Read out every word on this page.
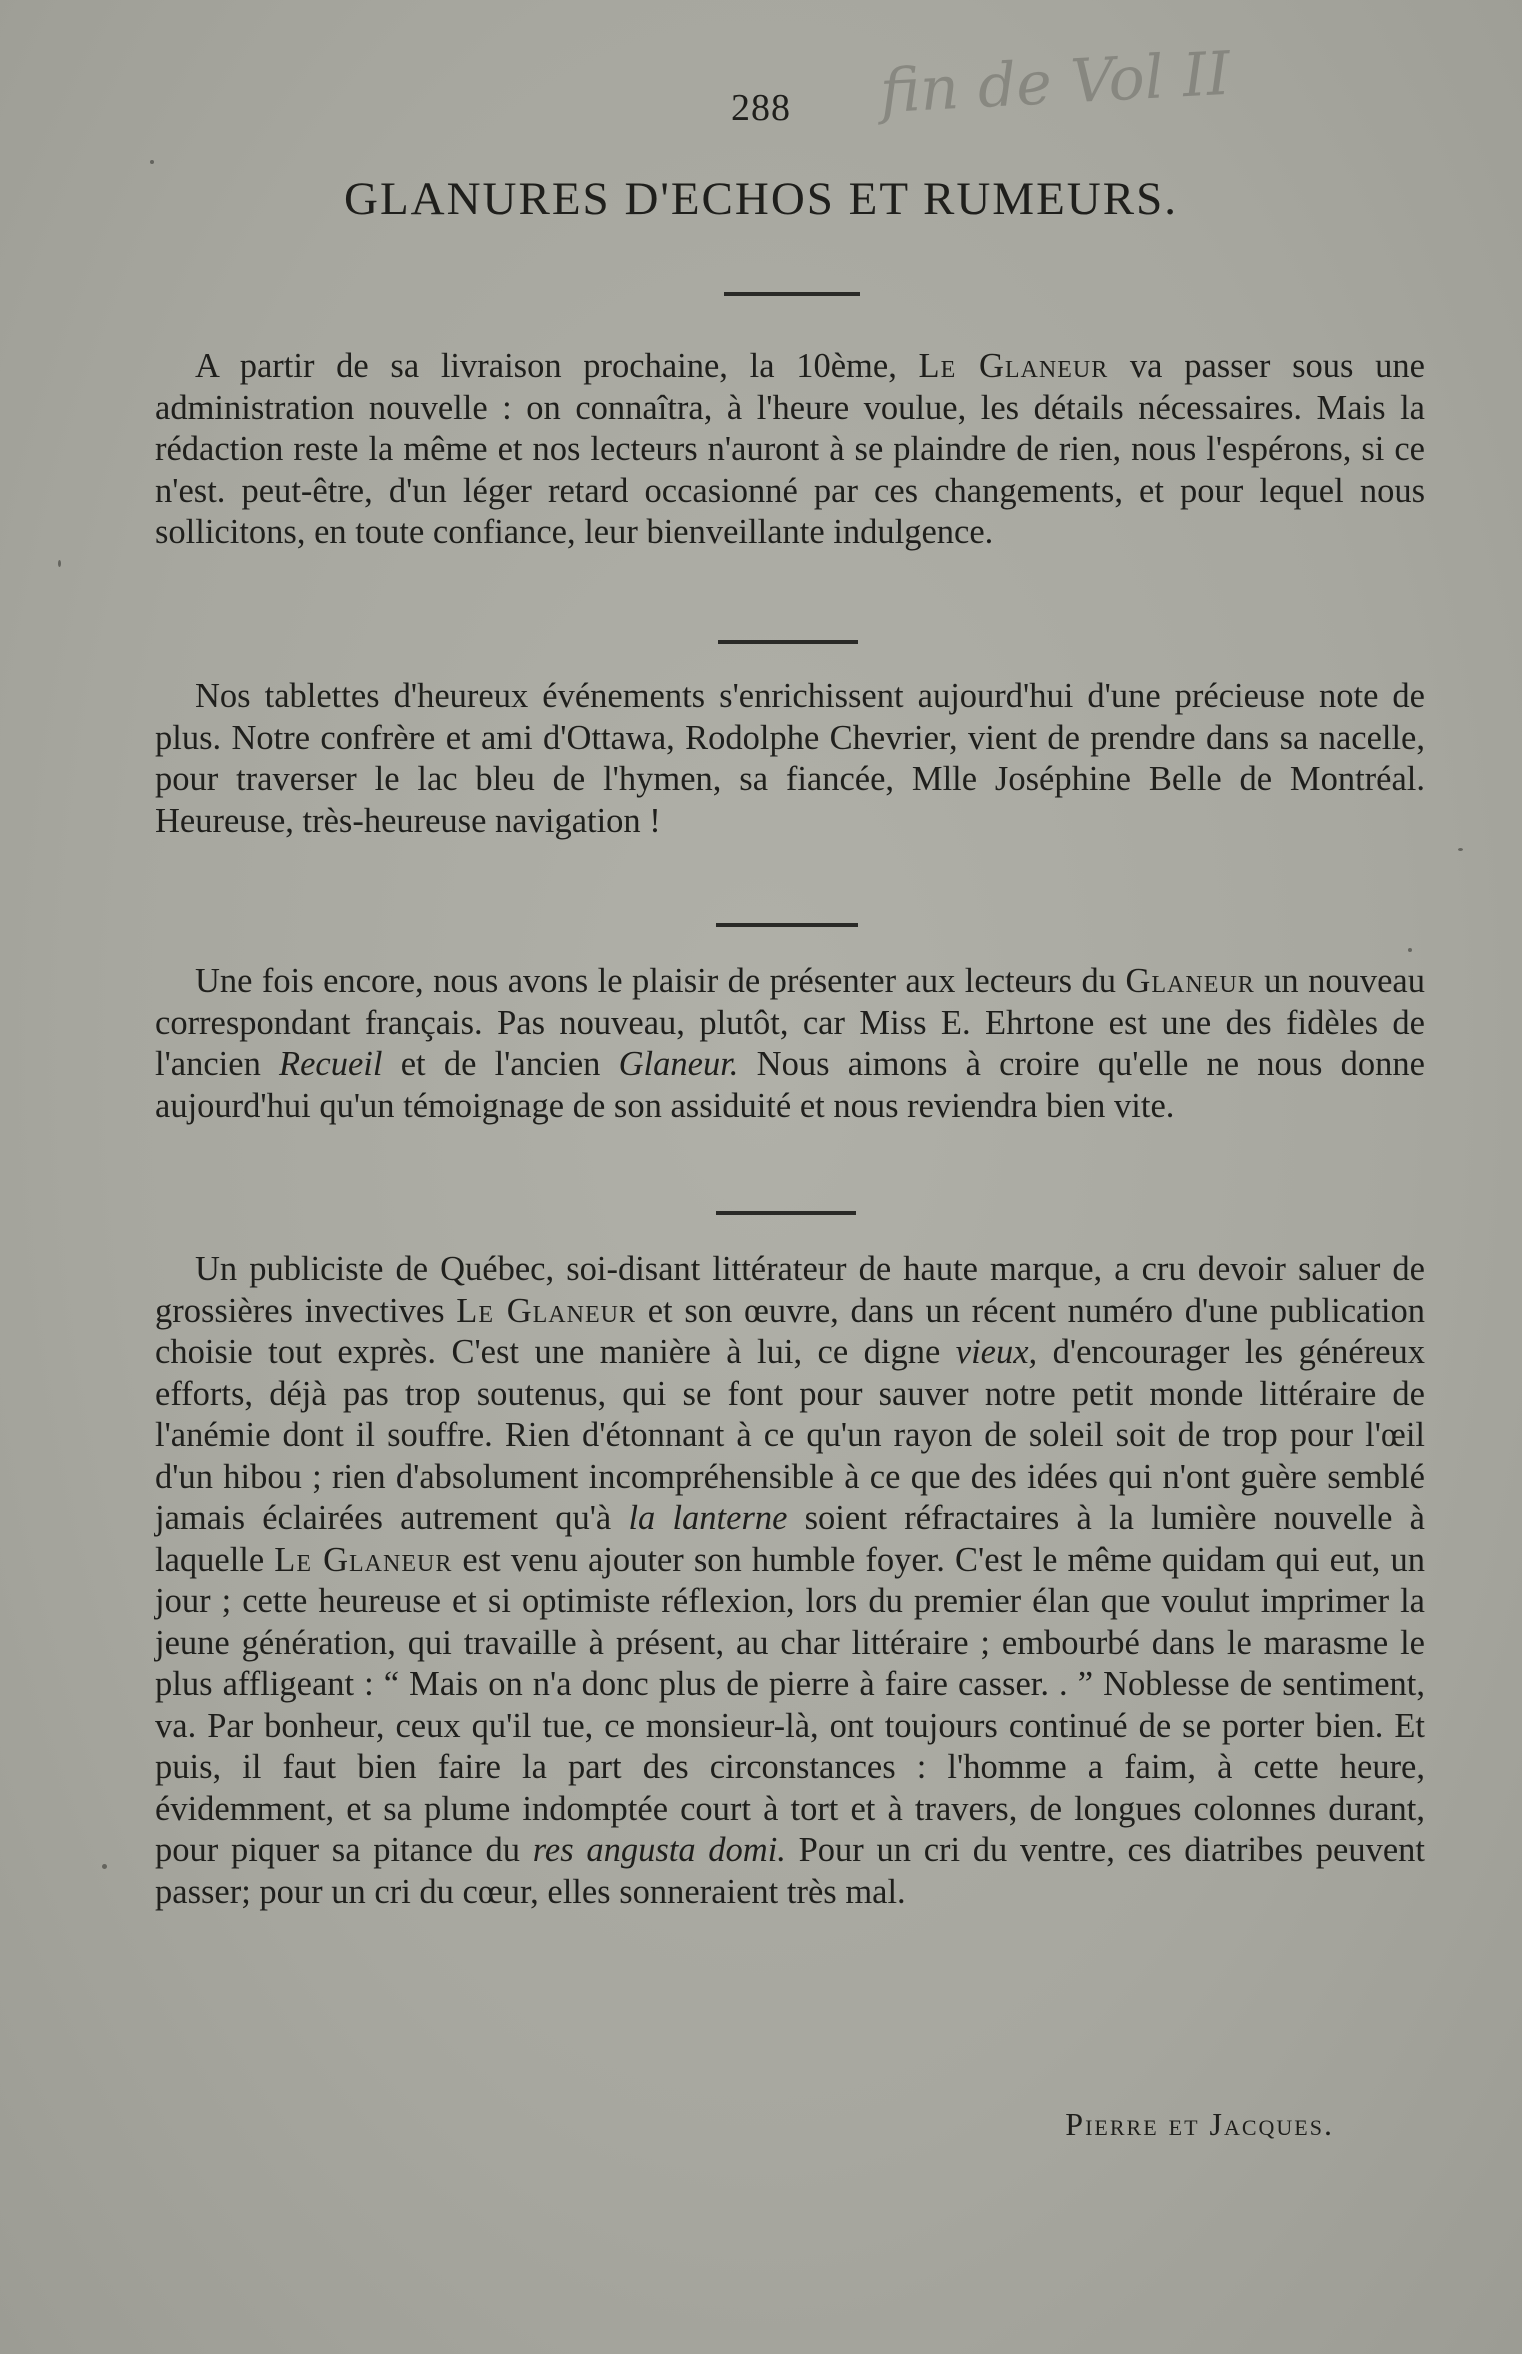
288	fin de Vol II
GLANURES D'ECHOS ET RUMEURS.

A partir de sa livraison prochaine, la 10ème, Le Glaneur va passer sous une administration nouvelle : on connaîtra, à l'heure voulue, les détails nécessaires. Mais la rédaction reste la même et nos lecteurs n'auront à se plaindre de rien, nous l'espérons, si ce n'est. peut-être, d'un léger retard occasionné par ces changements, et pour lequel nous sollicitons, en toute confiance, leur bienveillante indulgence.

Nos tablettes d'heureux événements s'enrichissent aujourd'hui d'une précieuse note de plus. Notre confrère et ami d'Ottawa, Rodolphe Chevrier, vient de prendre dans sa nacelle, pour traverser le lac bleu de l'hymen, sa fiancée, Mlle Joséphine Belle de Montréal. Heureuse, très-heureuse navigation !

Une fois encore, nous avons le plaisir de présenter aux lecteurs du Glaneur un nouveau correspondant français. Pas nouveau, plutôt, car Miss E. Ehrtone est une des fidèles de l'ancien Recueil et de l'ancien Glaneur. Nous aimons à croire qu'elle ne nous donne aujourd'hui qu'un témoignage de son assiduité et nous reviendra bien vite.

Un publiciste de Québec, soi-disant littérateur de haute marque, a cru devoir saluer de grossières invectives Le Glaneur et son œuvre, dans un récent numéro d'une publication choisie tout exprès. C'est une manière à lui, ce digne vieux, d'encourager les généreux efforts, déjà pas trop soutenus, qui se font pour sauver notre petit monde littéraire de l'anémie dont il souffre. Rien d'étonnant à ce qu'un rayon de soleil soit de trop pour l'œil d'un hibou ; rien d'absolument incompréhensible à ce que des idées qui n'ont guère semblé jamais éclairées autrement qu'à la lanterne soient réfractaires à la lumière nouvelle à laquelle Le Glaneur est venu ajouter son humble foyer. C'est le même quidam qui eut, un jour ; cette heureuse et si optimiste réflexion, lors du premier élan que voulut imprimer la jeune génération, qui travaille à présent, au char littéraire ; embourbé dans le marasme le plus affligeant : “ Mais on n'a donc plus de pierre à faire casser. . ” Noblesse de sentiment, va. Par bonheur, ceux qu'il tue, ce monsieur-là, ont toujours continué de se porter bien. Et puis, il faut bien faire la part des circonstances : l'homme a faim, à cette heure, évidemment, et sa plume indomptée court à tort et à travers, de longues colonnes durant, pour piquer sa pitance du res angusta domi. Pour un cri du ventre, ces diatribes peuvent passer; pour un cri du cœur, elles sonneraient très mal.

Pierre et Jacques.
